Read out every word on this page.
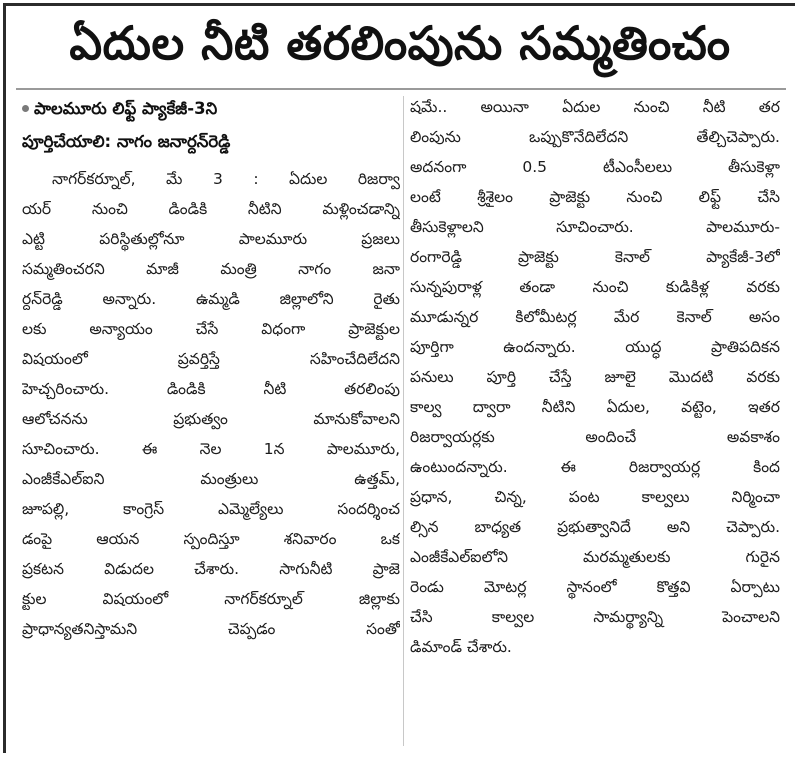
ఏదుల నీటి తరలింపును సమ్మతించం
పాలమూరు లిఫ్ట్ ప్యాకేజీ-3ని
పూర్తిచేయాలి: నాగం జనార్దన్‌రెడ్డి
నాగర్‌కర్నూల్, మే 3 : ఏదుల రిజర్వా
యర్ నుంచి డిండికి నీటిని మళ్లించడాన్ని
ఎట్టి పరిస్థితుల్లోనూ పాలమూరు ప్రజలు
సమ్మతించరని మాజీ మంత్రి నాగం జనా
ర్దన్‌రెడ్డి అన్నారు. ఉమ్మడి జిల్లాలోని రైతు
లకు అన్యాయం చేసే విధంగా ప్రాజెక్టుల
విషయంలో ప్రవర్తిస్తే సహించేదిలేదని
హెచ్చరించారు. డిండికి నీటి తరలింపు
ఆలోచనను ప్రభుత్వం మానుకోవాలని
సూచించారు. ఈ నెల 1న పాలమూరు,
ఎంజీకేఎల్ఐని మంత్రులు ఉత్తమ్,
జూపల్లి, కాంగ్రెస్ ఎమ్మెల్యేలు సందర్శించ
డంపై ఆయన స్పందిస్తూ శనివారం ఒక
ప్రకటన విడుదల చేశారు. సాగునీటి ప్రాజె
క్టుల విషయంలో నాగర్‌కర్నూల్ జిల్లాకు
ప్రాధాన్యతనిస్తామని చెప్పడం సంతో
షమే.. అయినా ఏదుల నుంచి నీటి తర
లింపును ఒప్పుకొనేదిలేదని తేల్చిచెప్పారు.
అదనంగా 0.5 టీఎంసీలలు తీసుకెళ్లా
లంటే శ్రీశైలం ప్రాజెక్టు నుంచి లిఫ్ట్ చేసి
తీసుకెళ్లాలని సూచించారు. పాలమూరు-
రంగారెడ్డి ప్రాజెక్టు కెనాల్ ప్యాకేజీ-3లో
సున్నపురాళ్ల తండా నుంచి కుడికిళ్ల వరకు
మూడున్నర కిలోమీటర్ల మేర కెనాల్ అసం
పూర్తిగా ఉందన్నారు. యుద్ధ ప్రాతిపదికన
పనులు పూర్తి చేస్తే జూలై మొదటి వరకు
కాల్వ ద్వారా నీటిని ఏదుల, వట్టెం, ఇతర
రిజర్వాయర్లకు అందించే అవకాశం
ఉంటుందన్నారు. ఈ రిజర్వాయర్ల కింద
ప్రధాన, చిన్న, పంట కాల్వలు నిర్మించా
ల్సిన బాధ్యత ప్రభుత్వానిదే అని చెప్పారు.
ఎంజీకేఎల్ఐలోని మరమ్మతులకు గురైన
రెండు మోటర్ల స్థానంలో కొత్తవి ఏర్పాటు
చేసి కాల్వల సామర్థ్యాన్ని పెంచాలని
డిమాండ్ చేశారు.
